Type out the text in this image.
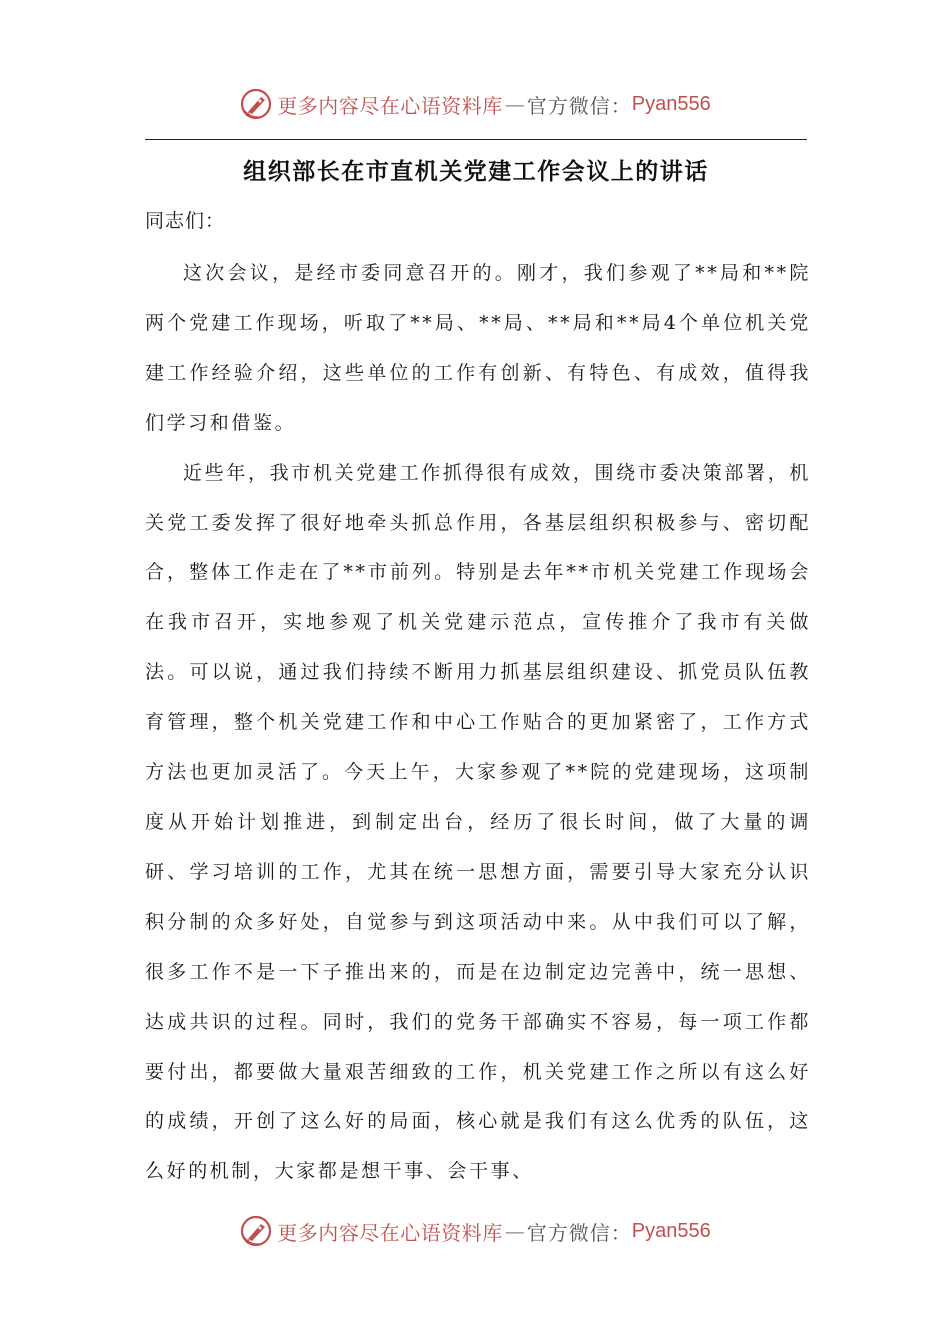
更多内容尽在心语资料库 — 官方微信： Pyan556
组织部长在市直机关党建工作会议上的讲话

同志们：

这次会议，是经市委同意召开的。刚才，我们参观了**局和**院两个党建工作现场，听取了**局、**局、**局和**局4个单位机关党建工作经验介绍，这些单位的工作有创新、有特色、有成效，值得我们学习和借鉴。

近些年，我市机关党建工作抓得很有成效，围绕市委决策部署，机关党工委发挥了很好地牵头抓总作用，各基层组织积极参与、密切配合，整体工作走在了**市前列。特别是去年**市机关党建工作现场会在我市召开，实地参观了机关党建示范点，宣传推介了我市有关做法。可以说，通过我们持续不断用力抓基层组织建设、抓党员队伍教育管理，整个机关党建工作和中心工作贴合的更加紧密了，工作方式方法也更加灵活了。今天上午，大家参观了**院的党建现场，这项制度从开始计划推进，到制定出台，经历了很长时间，做了大量的调研、学习培训的工作，尤其在统一思想方面，需要引导大家充分认识积分制的众多好处，自觉参与到这项活动中来。从中我们可以了解，很多工作不是一下子推出来的，而是在边制定边完善中，统一思想、达成共识的过程。同时，我们的党务干部确实不容易，每一项工作都要付出，都要做大量艰苦细致的工作，机关党建工作之所以有这么好的成绩，开创了这么好的局面，核心就是我们有这么优秀的队伍，这么好的机制，大家都是想干事、会干事、

更多内容尽在心语资料库 — 官方微信： Pyan556
